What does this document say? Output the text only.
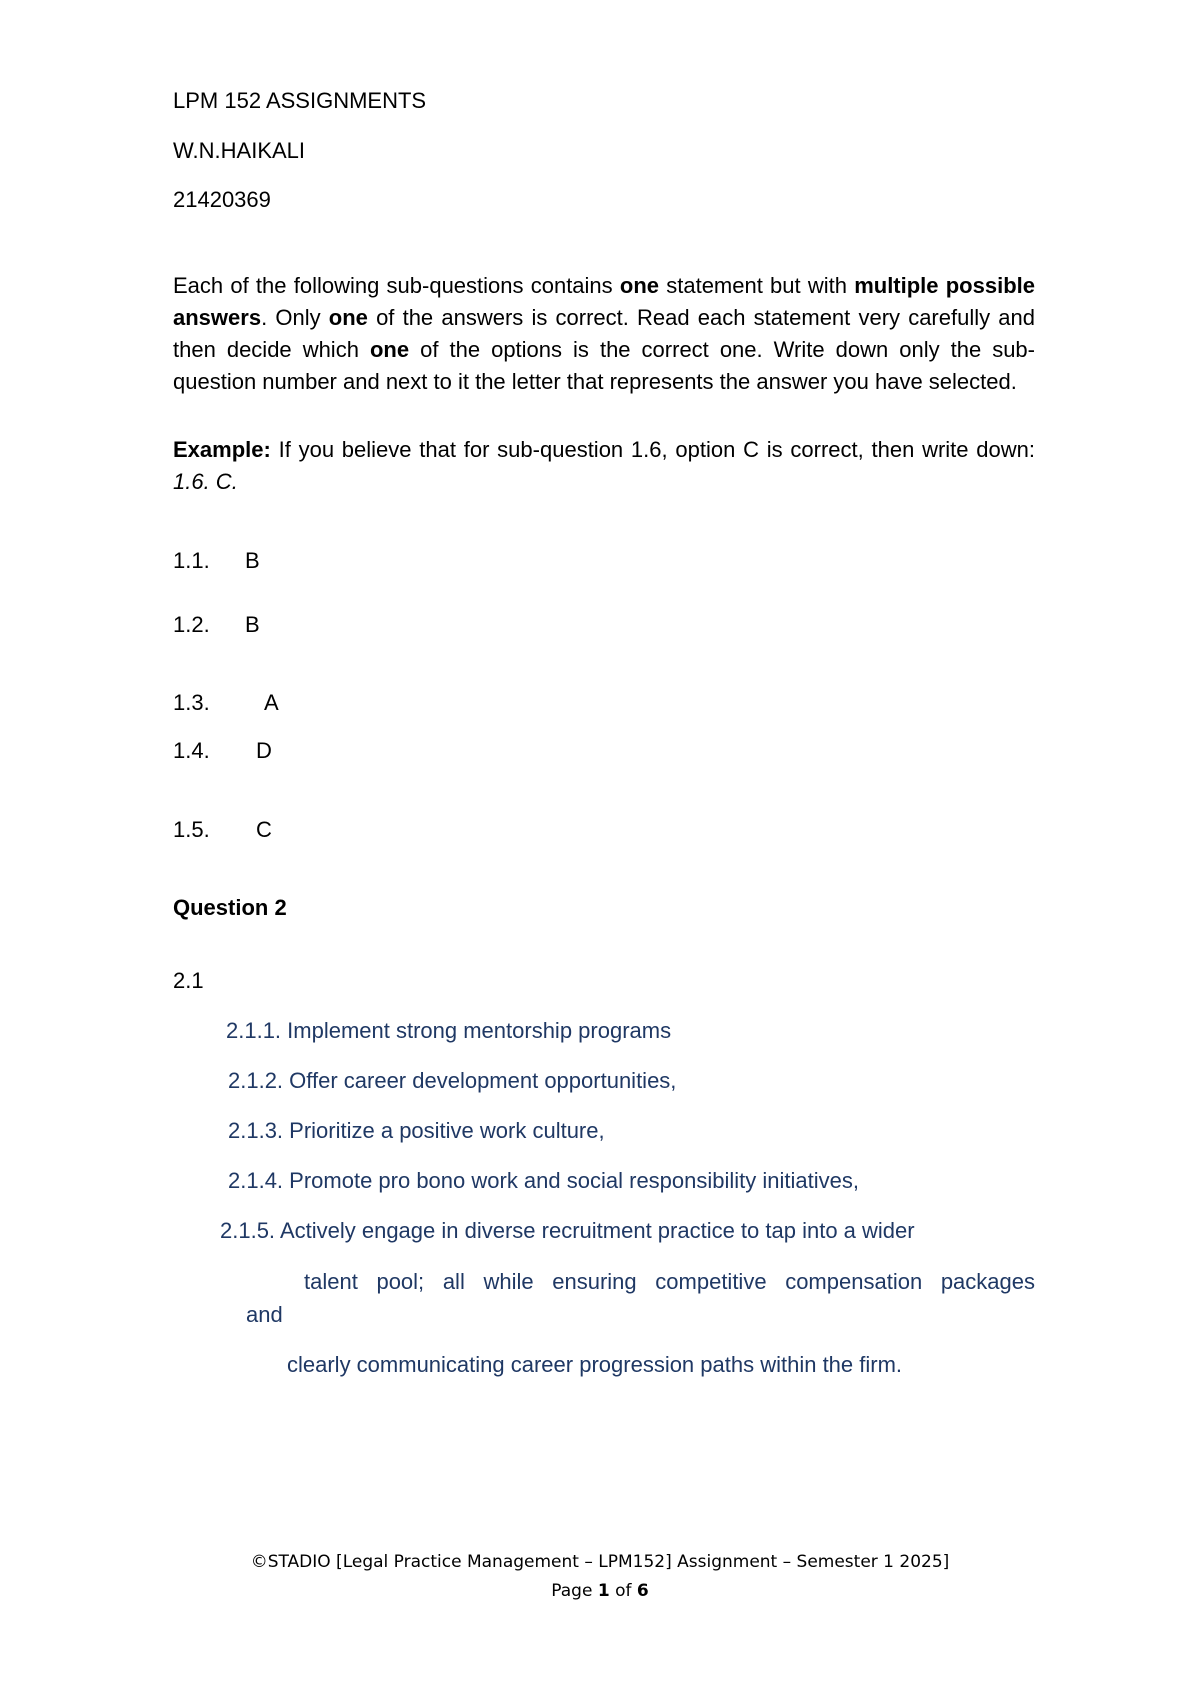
LPM 152 ASSIGNMENTS
W.N.HAIKALI
21420369
Each of the following sub-questions contains one statement but with multiple possible answers. Only one of the answers is correct. Read each statement very carefully and then decide which one of the options is the correct one. Write down only the sub-question number and next to it the letter that represents the answer you have selected.
Example: If you believe that for sub-question 1.6, option C is correct, then write down: 1.6. C.
1.1. B
1.2. B
1.3. A
1.4. D
1.5. C
Question 2
2.1
2.1.1. Implement strong mentorship programs
2.1.2. Offer career development opportunities,
2.1.3. Prioritize a positive work culture,
2.1.4. Promote pro bono work and social responsibility initiatives,
2.1.5. Actively engage in diverse recruitment practice to tap into a wider
talent pool; all while ensuring competitive compensation packages
and
clearly communicating career progression paths within the firm.
©STADIO [Legal Practice Management – LPM152] Assignment – Semester 1 2025]
Page 1 of 6
